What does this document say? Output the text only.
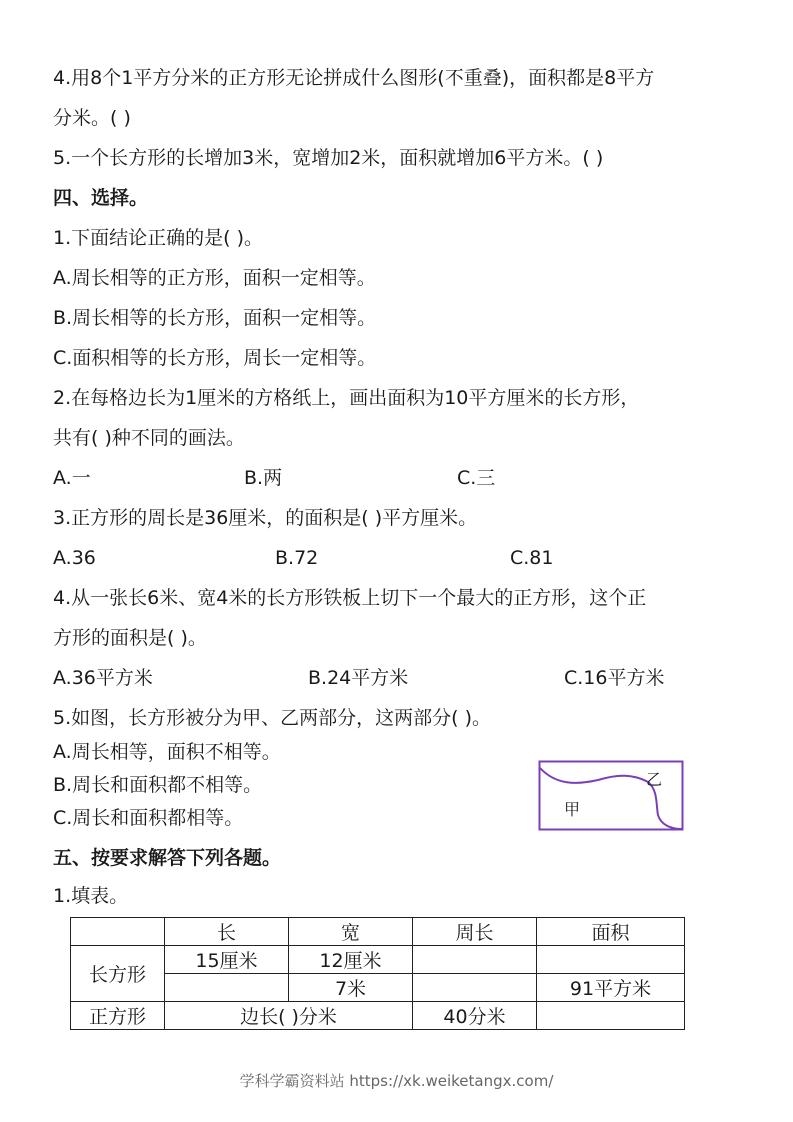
4.用8个1平方分米的正方形无论拼成什么图形(不重叠)，面积都是8平方
分米。( )
5.一个长方形的长增加3米，宽增加2米，面积就增加6平方米。( )
四、选择。
1.下面结论正确的是( )。
A.周长相等的正方形，面积一定相等。
B.周长相等的长方形，面积一定相等。
C.面积相等的长方形，周长一定相等。
2.在每格边长为1厘米的方格纸上，画出面积为10平方厘米的长方形，
共有( )种不同的画法。
A.一	B.两	C.三
3.正方形的周长是36厘米，的面积是( )平方厘米。
A.36	B.72	C.81
4.从一张长6米、宽4米的长方形铁板上切下一个最大的正方形，这个正
方形的面积是( )。
A.36平方米	B.24平方米	C.16平方米
5.如图，长方形被分为甲、乙两部分，这两部分( )。
A.周长相等，面积不相等。
B.周长和面积都不相等。
C.周长和面积都相等。
乙
甲
五、按要求解答下列各题。
1.填表。
	长	宽	周长	面积
长方形	15厘米	12厘米		
		7米		91平方米
正方形	边长( )分米		40分米	
学科学霸资料站 https://xk.weiketangx.com/
